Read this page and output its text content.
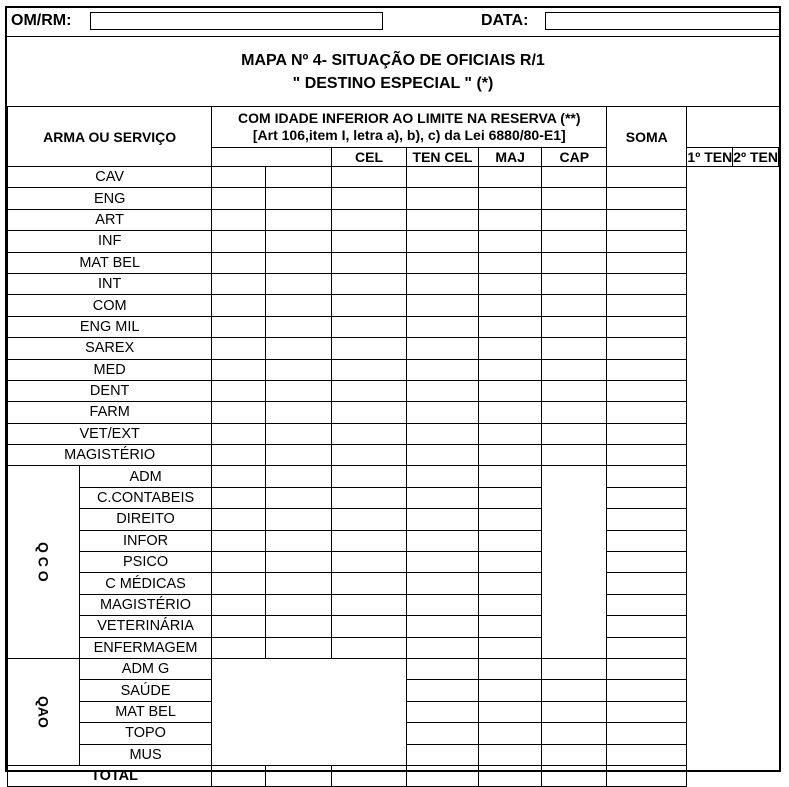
OM/RM:	DATA:
MAPA Nº 4- SITUAÇÃO DE OFICIAIS R/1
" DESTINO ESPECIAL " (*)
ARMA OU SERVIÇO		COM IDADE INFERIOR AO LIMITE NA RESERVA (**)
[Art 106,item I, letra a), b), c) da Lei 6880/80-E1]						SOMA		
				CEL	TEN CEL	MAJ	CAP		1º TEN	2º TEN
CAV										
ENG										
ART										
INF										
MAT BEL										
INT										
COM										
ENG MIL										
SAREX										
MED										
DENT										
FARM										
VET/EXT										
MAGISTÉRIO										
Q C O	ADM									
	C.CONTABEIS									
	DIREITO									
	INFOR									
	PSICO									
	C MÉDICAS									
	MAGISTÉRIO									
	VETERINÁRIA									
	ENFERMAGEM									
QAO	ADM G									
	SAÚDE									
	MAT BEL									
	TOPO									
	MUS									
TOTAL										
